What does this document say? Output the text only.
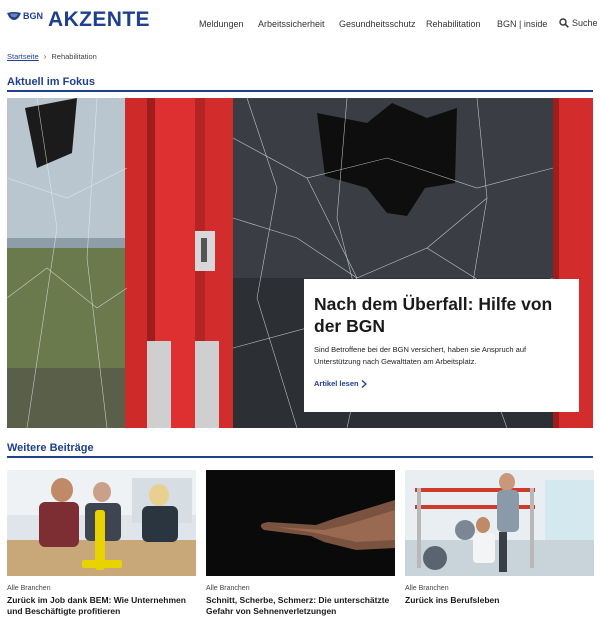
BGN AKZENTE	Meldungen Arbeitssicherheit Gesundheitsschutz Rehabilitation BGN | inside	Suche
Startseite › Rehabilitation
Aktuell im Fokus
Nach dem Überfall: Hilfe von der BGN
Sind Betroffene bei der BGN versichert, haben sie Anspruch auf Unterstützung nach Gewalttaten am Arbeitsplatz.
Artikel lesen
Weitere Beiträge
Alle Branchen
Zurück im Job dank BEM: Wie Unternehmen und Beschäftigte profitieren
Alle Branchen
Schnitt, Scherbe, Schmerz: Die unterschätzte Gefahr von Sehnenverletzungen
Alle Branchen
Zurück ins Berufsleben
